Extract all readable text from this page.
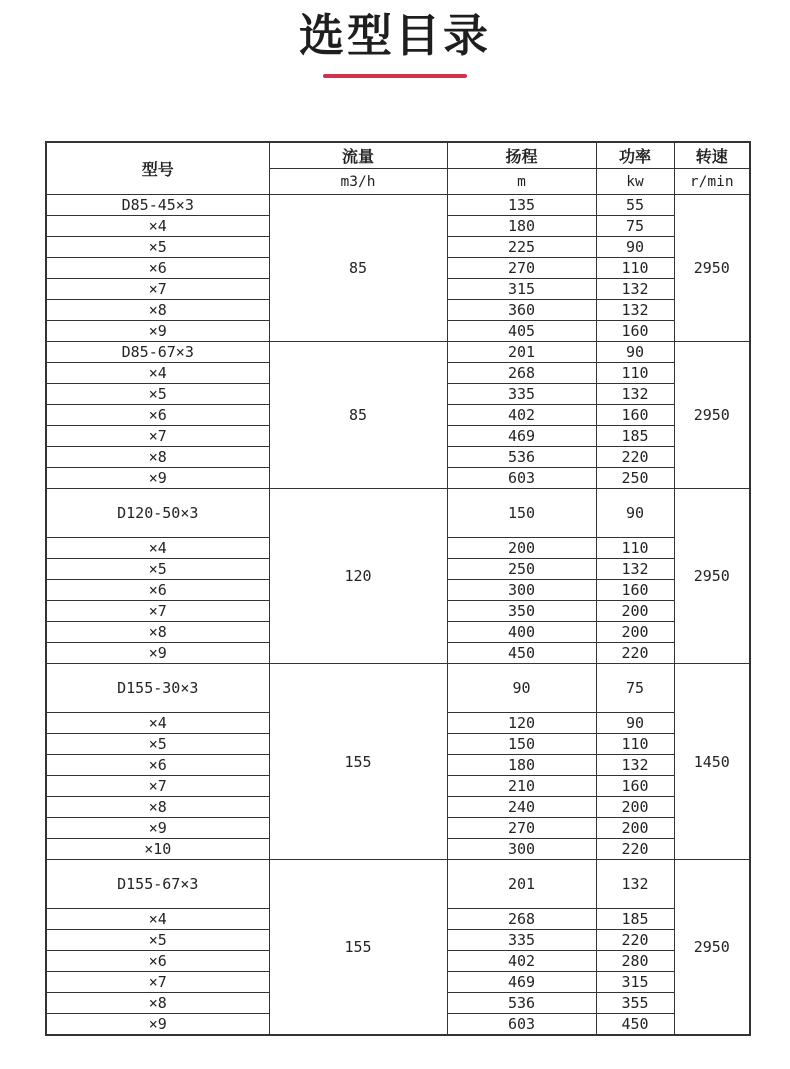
选型目录
型号	流量	扬程	功率	转速
	m3/h	m	kw	r/min
D85-45×3	85	135	55	2950
×4		180	75	
×5		225	90	
×6		270	110	
×7		315	132	
×8		360	132	
×9		405	160	
D85-67×3	85	201	90	2950
×4		268	110	
×5		335	132	
×6		402	160	
×7		469	185	
×8		536	220	
×9		603	250	
D120-50×3	120	150	90	2950
×4		200	110	
×5		250	132	
×6		300	160	
×7		350	200	
×8		400	200	
×9		450	220	
D155-30×3	155	90	75	1450
×4		120	90	
×5		150	110	
×6		180	132	
×7		210	160	
×8		240	200	
×9		270	200	
×10		300	220	
D155-67×3	155	201	132	2950
×4		268	185	
×5		335	220	
×6		402	280	
×7		469	315	
×8		536	355	
×9		603	450	
